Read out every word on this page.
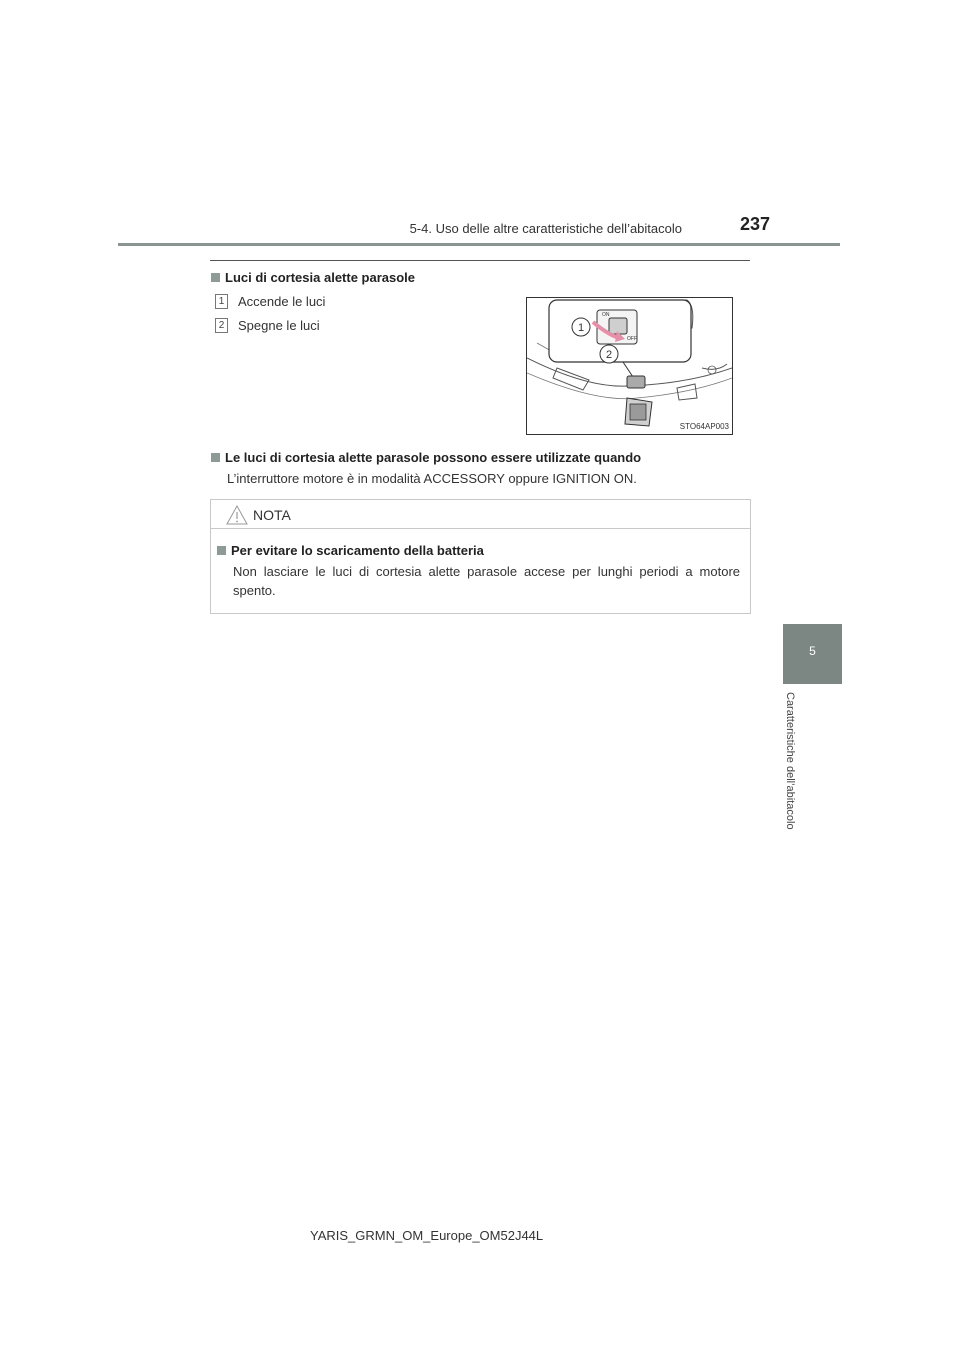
5-4. Uso delle altre caratteristiche dell’abitacolo	237
5
Caratteristiche dell’abitacolo
Luci di cortesia alette parasole
1 Accende le luci
2 Spegne le luci
ON
OFF
1
2
STO64AP003
Le luci di cortesia alette parasole possono essere utilizzate quando
L’interruttore motore è in modalità ACCESSORY oppure IGNITION ON.
NOTA
Per evitare lo scaricamento della batteria
Non lasciare le luci di cortesia alette parasole accese per lunghi periodi a motore spento.
YARIS_GRMN_OM_Europe_OM52J44L
